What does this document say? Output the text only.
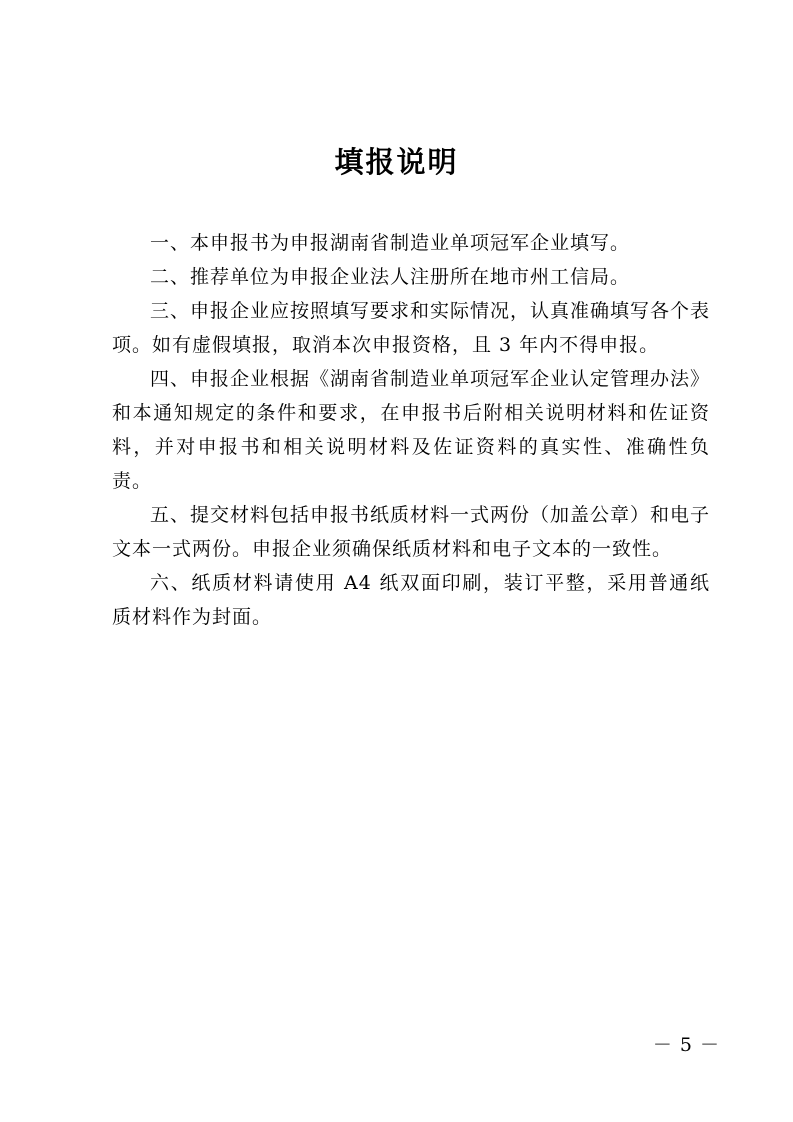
填报说明

一、本申报书为申报湖南省制造业单项冠军企业填写。

二、推荐单位为申报企业法人注册所在地市州工信局。

三、申报企业应按照填写要求和实际情况，认真准确填写各个表项。如有虚假填报，取消本次申报资格，且 3 年内不得申报。

四、申报企业根据《湖南省制造业单项冠军企业认定管理办法》和本通知规定的条件和要求，在申报书后附相关说明材料和佐证资料，并对申报书和相关说明材料及佐证资料的真实性、准确性负责。

五、提交材料包括申报书纸质材料一式两份（加盖公章）和电子文本一式两份。申报企业须确保纸质材料和电子文本的一致性。

六、纸质材料请使用 A4 纸双面印刷，装订平整，采用普通纸质材料作为封面。

－ 5 －
